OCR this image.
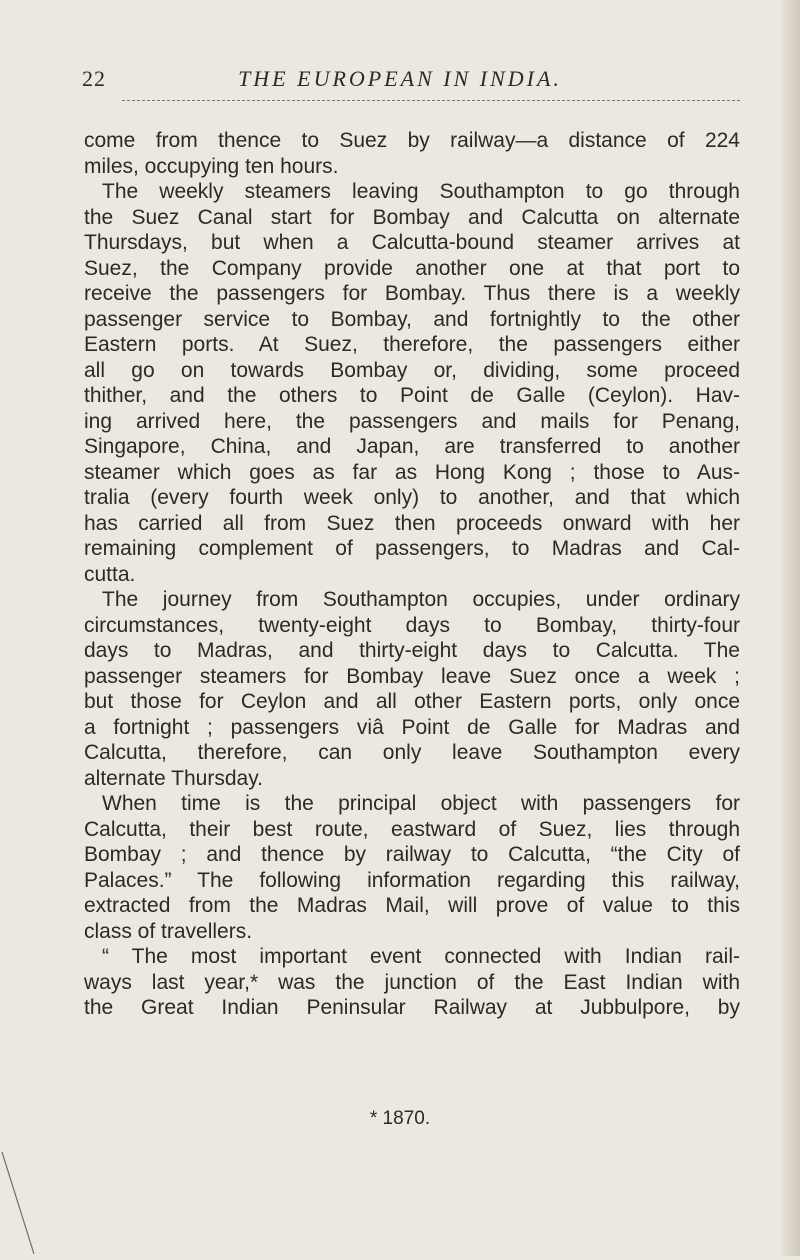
22	THE EUROPEAN IN INDIA.
come from thence to Suez by railway—a distance of 224
miles, occupying ten hours.
The weekly steamers leaving Southampton to go through
the Suez Canal start for Bombay and Calcutta on alternate
Thursdays, but when a Calcutta-bound steamer arrives at
Suez, the Company provide another one at that port to
receive the passengers for Bombay. Thus there is a weekly
passenger service to Bombay, and fortnightly to the other
Eastern ports. At Suez, therefore, the passengers either
all go on towards Bombay or, dividing, some proceed
thither, and the others to Point de Galle (Ceylon). Hav-
ing arrived here, the passengers and mails for Penang,
Singapore, China, and Japan, are transferred to another
steamer which goes as far as Hong Kong ; those to Aus-
tralia (every fourth week only) to another, and that which
has carried all from Suez then proceeds onward with her
remaining complement of passengers, to Madras and Cal-
cutta.
The journey from Southampton occupies, under ordinary
circumstances, twenty-eight days to Bombay, thirty-four
days to Madras, and thirty-eight days to Calcutta. The
passenger steamers for Bombay leave Suez once a week ;
but those for Ceylon and all other Eastern ports, only once
a fortnight ; passengers viâ Point de Galle for Madras and
Calcutta, therefore, can only leave Southampton every
alternate Thursday.
When time is the principal object with passengers for
Calcutta, their best route, eastward of Suez, lies through
Bombay ; and thence by railway to Calcutta, “the City of
Palaces.” The following information regarding this railway,
extracted from the Madras Mail, will prove of value to this
class of travellers.
“ The most important event connected with Indian rail-
ways last year,* was the junction of the East Indian with
the Great Indian Peninsular Railway at Jubbulpore, by
* 1870.
